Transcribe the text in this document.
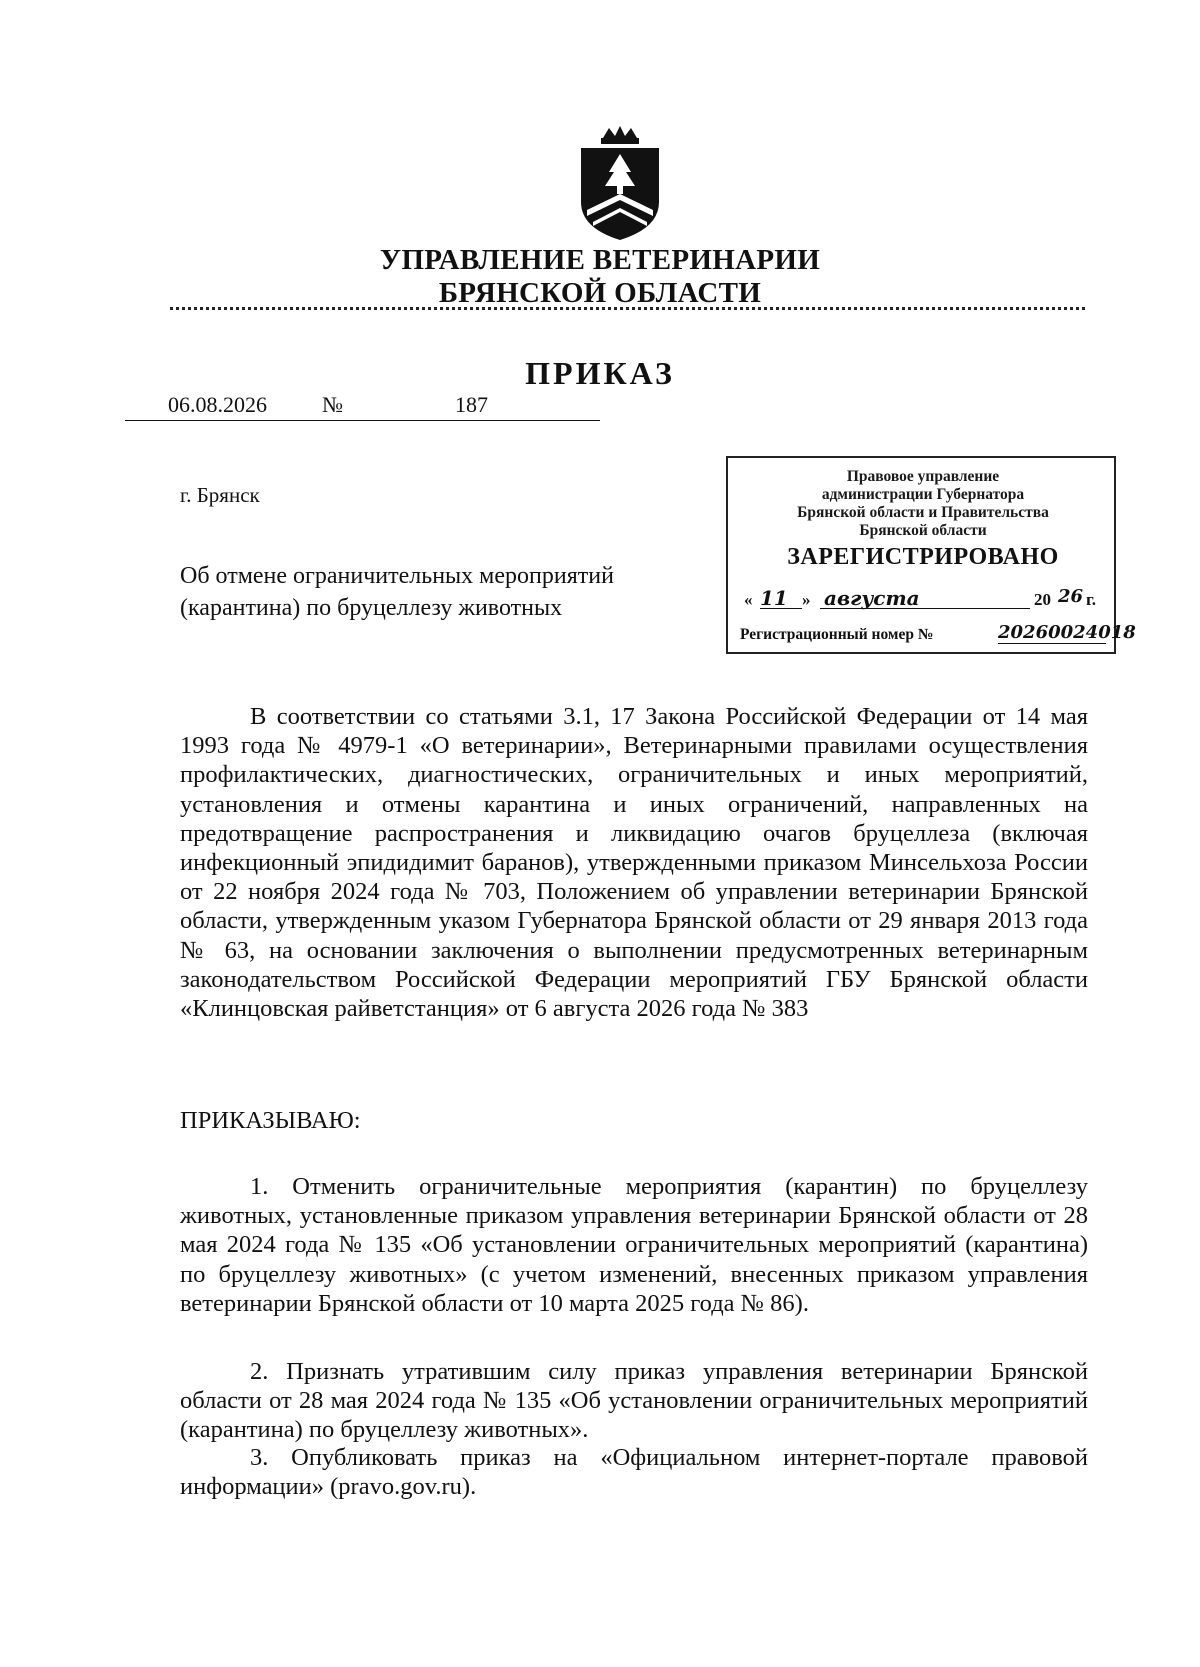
УПРАВЛЕНИЕ ВЕТЕРИНАРИИ
БРЯНСКОЙ ОБЛАСТИ
ПРИКАЗ
06.08.2026	№	187
г. Брянск
Об отмене ограничительных мероприятий (карантина) по бруцеллезу животных
Правовое управление
администрации Губернатора
Брянской области и Правительства
Брянской области
ЗАРЕГИСТРИРОВАНО
« 11 » августа	20 26 г.
Регистрационный номер №	20260024018
В соответствии со статьями 3.1, 17 Закона Российской Федерации от 14 мая 1993 года № 4979-1 «О ветеринарии», Ветеринарными правилами осуществления профилактических, диагностических, ограничительных и иных мероприятий, установления и отмены карантина и иных ограничений, направленных на предотвращение распространения и ликвидацию очагов бруцеллеза (включая инфекционный эпидидимит баранов), утвержденными приказом Минсельхоза России от 22 ноября 2024 года № 703, Положением об управлении ветеринарии Брянской области, утвержденным указом Губернатора Брянской области от 29 января 2013 года № 63, на основании заключения о выполнении предусмотренных ветеринарным законодательством Российской Федерации мероприятий ГБУ Брянской области «Клинцовская райветстанция» от 6 августа 2026 года № 383
ПРИКАЗЫВАЮ:
1. Отменить ограничительные мероприятия (карантин) по бруцеллезу животных, установленные приказом управления ветеринарии Брянской области от 28 мая 2024 года № 135 «Об установлении ограничительных мероприятий (карантина) по бруцеллезу животных» (с учетом изменений, внесенных приказом управления ветеринарии Брянской области от 10 марта 2025 года № 86).
2. Признать утратившим силу приказ управления ветеринарии Брянской области от 28 мая 2024 года № 135 «Об установлении ограничительных мероприятий (карантина) по бруцеллезу животных».
3. Опубликовать приказ на «Официальном интернет-портале правовой информации» (pravo.gov.ru).
